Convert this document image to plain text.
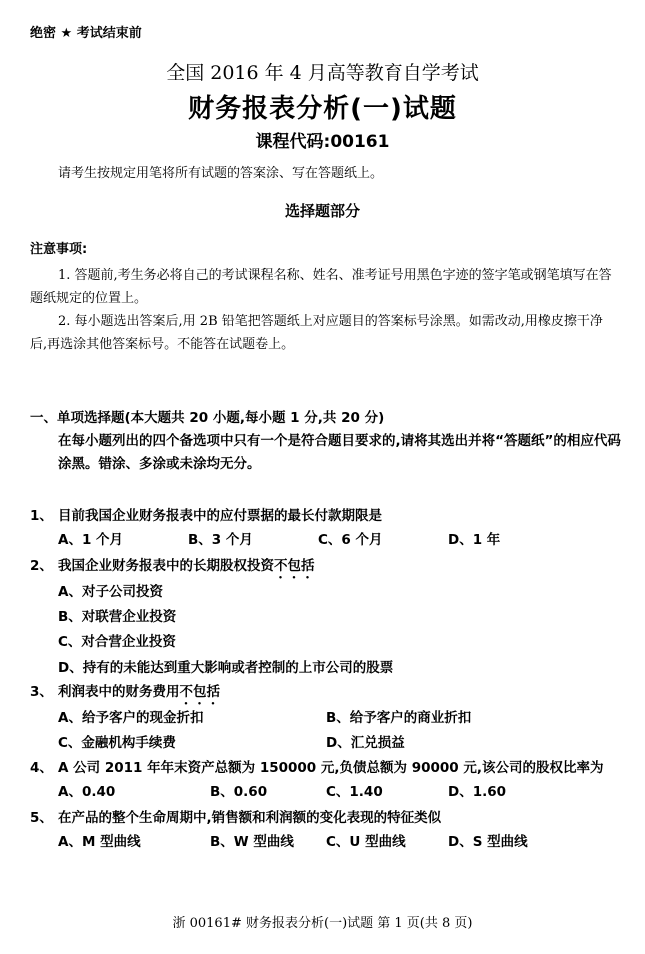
绝密 ★ 考试结束前
全国 2016 年 4 月高等教育自学考试
财务报表分析(一)试题
课程代码:00161
请考生按规定用笔将所有试题的答案涂、写在答题纸上。
选择题部分
注意事项:
1. 答题前,考生务必将自己的考试课程名称、姓名、准考证号用黑色字迹的签字笔或钢笔填写在答题纸规定的位置上。
2. 每小题选出答案后,用 2B 铅笔把答题纸上对应题目的答案标号涂黑。如需改动,用橡皮擦干净后,再选涂其他答案标号。不能答在试题卷上。
一、单项选择题(本大题共 20 小题,每小题 1 分,共 20 分)
在每小题列出的四个备选项中只有一个是符合题目要求的,请将其选出并将“答题纸”的相应代码涂黑。错涂、多涂或未涂均无分。
1、 目前我国企业财务报表中的应付票据的最长付款期限是
A、1 个月	B、3 个月	C、6 个月	D、1 年
2、 我国企业财务报表中的长期股权投资不包括
A、对子公司投资
B、对联营企业投资
C、对合营企业投资
D、持有的未能达到重大影响或者控制的上市公司的股票
3、 利润表中的财务费用不包括
A、给予客户的现金折扣	B、给予客户的商业折扣
C、金融机构手续费	D、汇兑损益
4、 A 公司 2011 年年末资产总额为 150000 元,负债总额为 90000 元,该公司的股权比率为
A、0.40	B、0.60	C、1.40	D、1.60
5、 在产品的整个生命周期中,销售额和利润额的变化表现的特征类似
A、M 型曲线	B、W 型曲线 C、U 型曲线	D、S 型曲线
浙 00161# 财务报表分析(一)试题 第 1 页(共 8 页)
